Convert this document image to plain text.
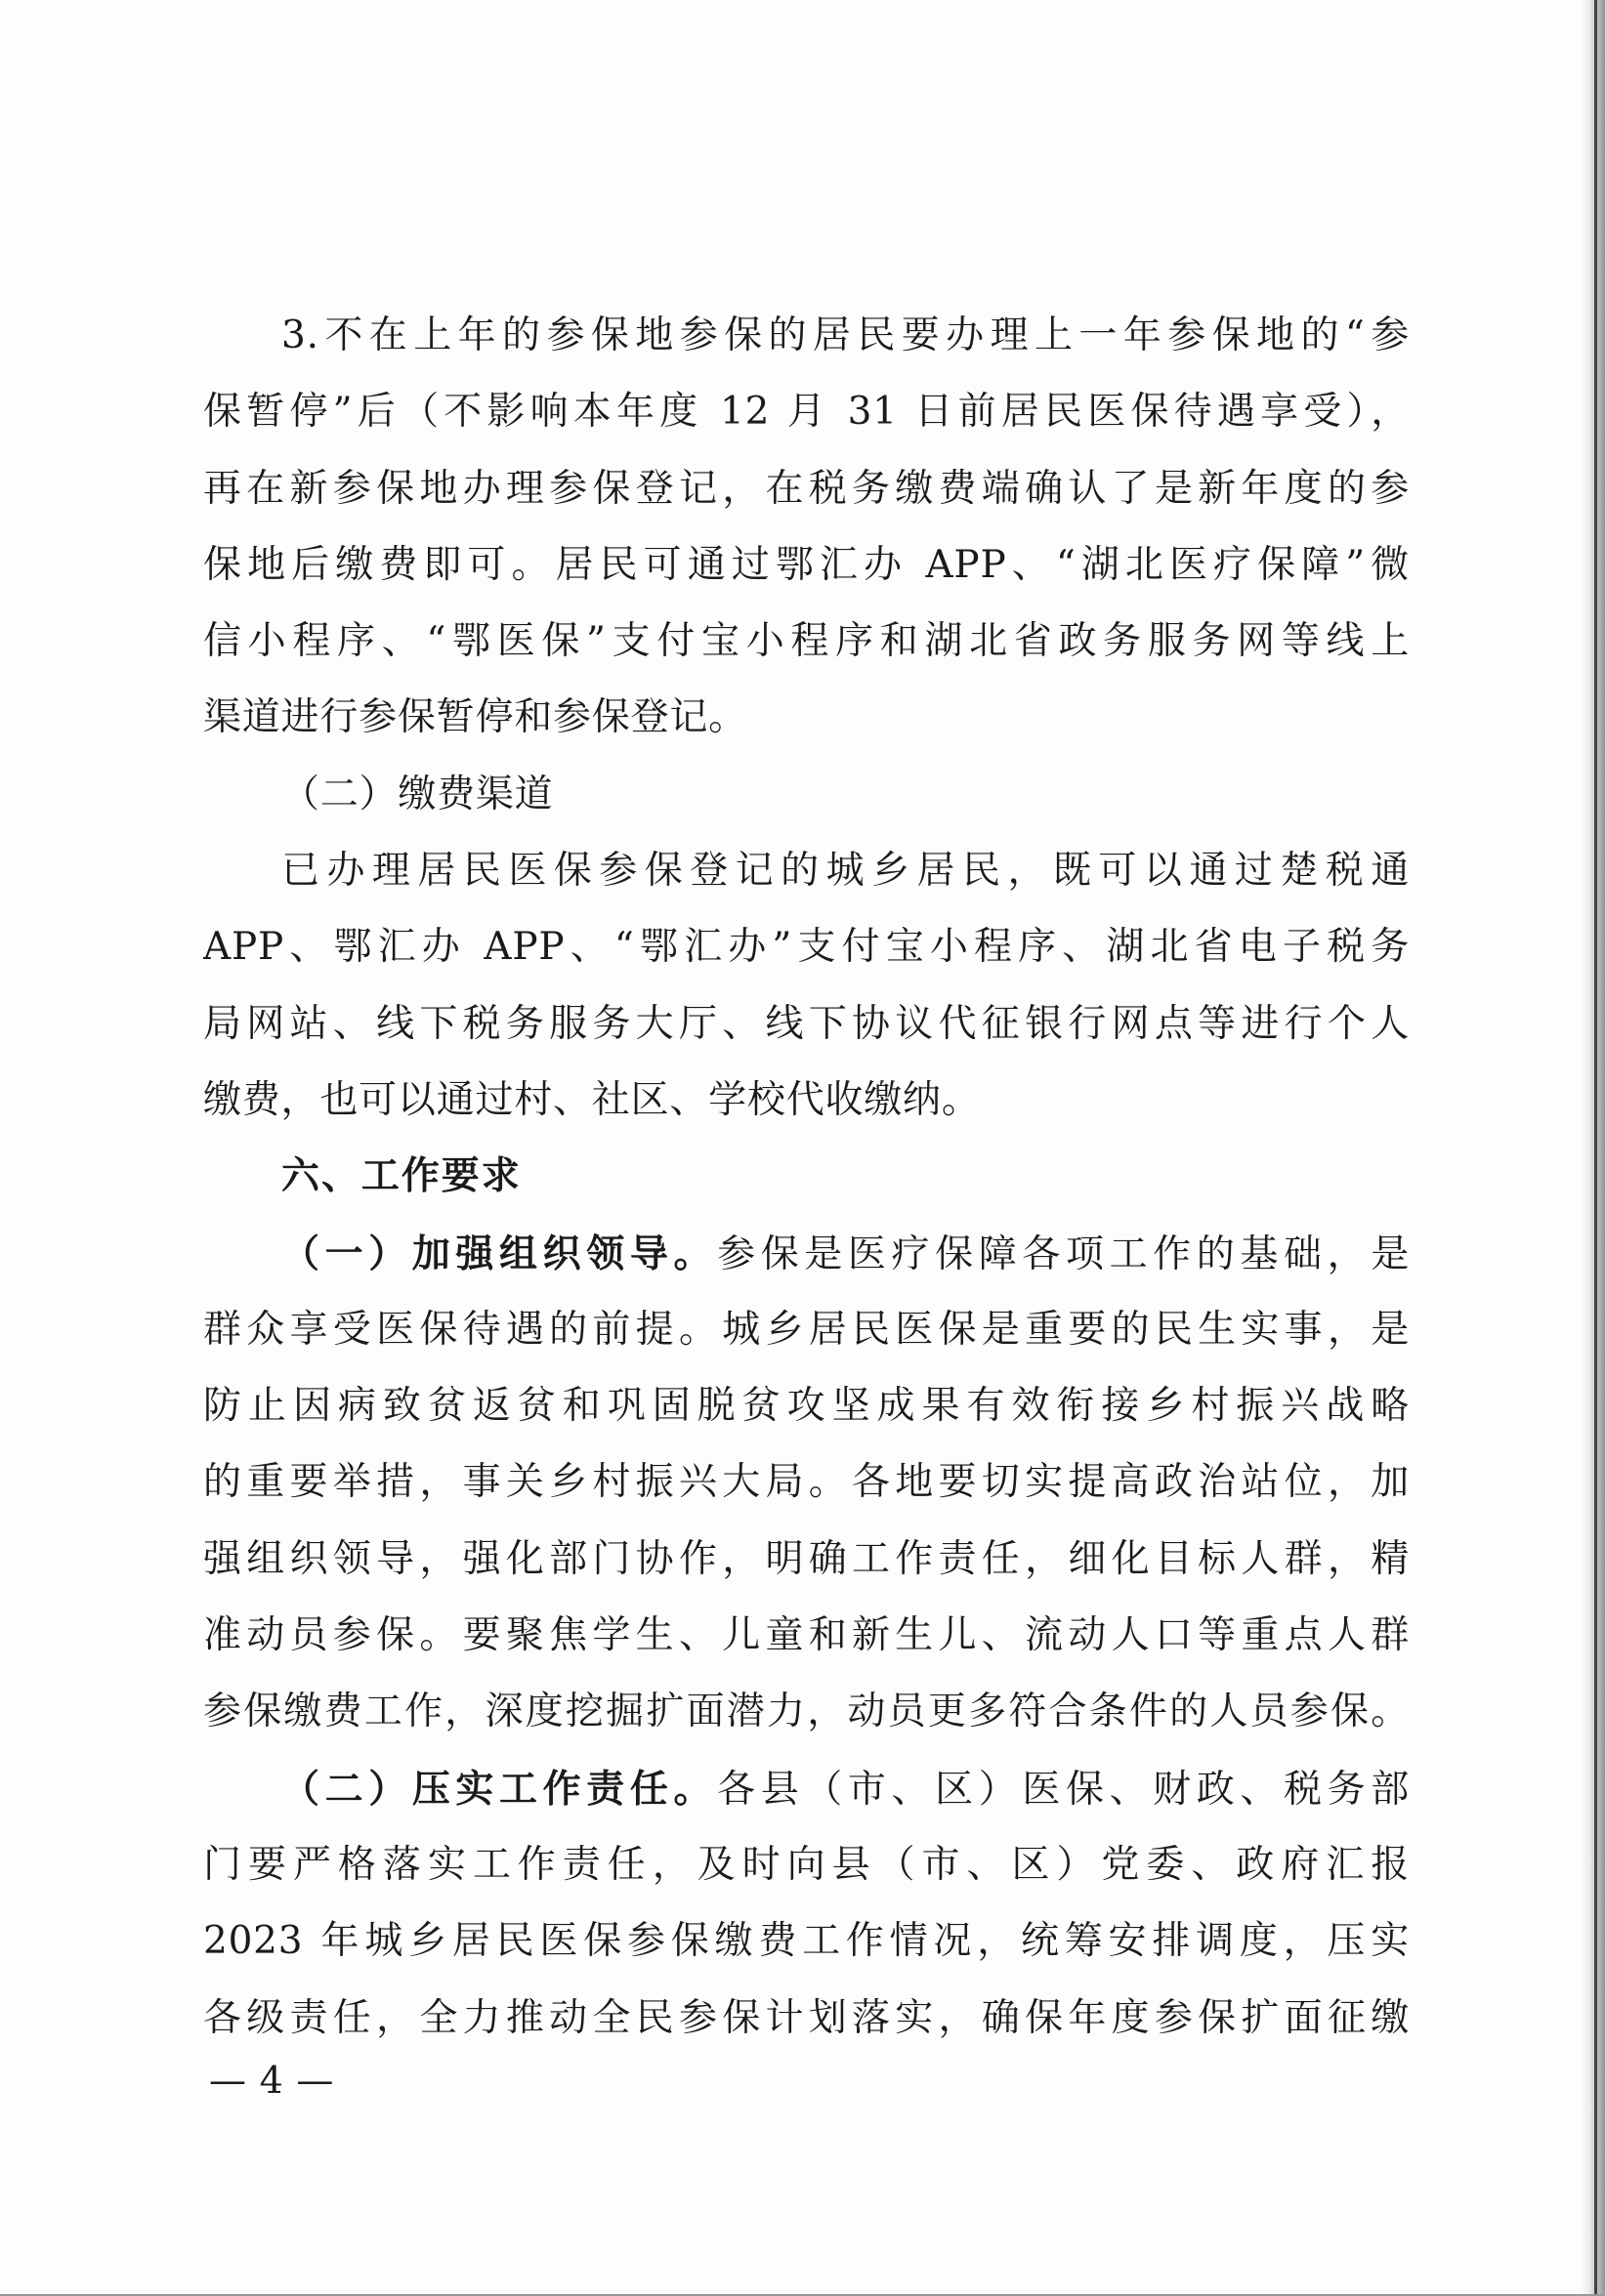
3.不在上年的参保地参保的居民要办理上一年参保地的“参
保暂停”后（不影响本年度 12 月 31 日前居民医保待遇享受），
再在新参保地办理参保登记，在税务缴费端确认了是新年度的参
保地后缴费即可。居民可通过鄂汇办 APP、“湖北医疗保障”微
信小程序、“鄂医保”支付宝小程序和湖北省政务服务网等线上
渠道进行参保暂停和参保登记。
（二）缴费渠道
已办理居民医保参保登记的城乡居民，既可以通过楚税通
APP、鄂汇办 APP、“鄂汇办”支付宝小程序、湖北省电子税务
局网站、线下税务服务大厅、线下协议代征银行网点等进行个人
缴费，也可以通过村、社区、学校代收缴纳。
六、工作要求
（一）加强组织领导。参保是医疗保障各项工作的基础，是
群众享受医保待遇的前提。城乡居民医保是重要的民生实事，是
防止因病致贫返贫和巩固脱贫攻坚成果有效衔接乡村振兴战略
的重要举措，事关乡村振兴大局。各地要切实提高政治站位，加
强组织领导，强化部门协作，明确工作责任，细化目标人群，精
准动员参保。要聚焦学生、儿童和新生儿、流动人口等重点人群
参保缴费工作，深度挖掘扩面潜力，动员更多符合条件的人员参保。
（二）压实工作责任。各县（市、区）医保、财政、税务部
门要严格落实工作责任，及时向县（市、区）党委、政府汇报
2023 年城乡居民医保参保缴费工作情况，统筹安排调度，压实
各级责任，全力推动全民参保计划落实，确保年度参保扩面征缴
— 4 —
